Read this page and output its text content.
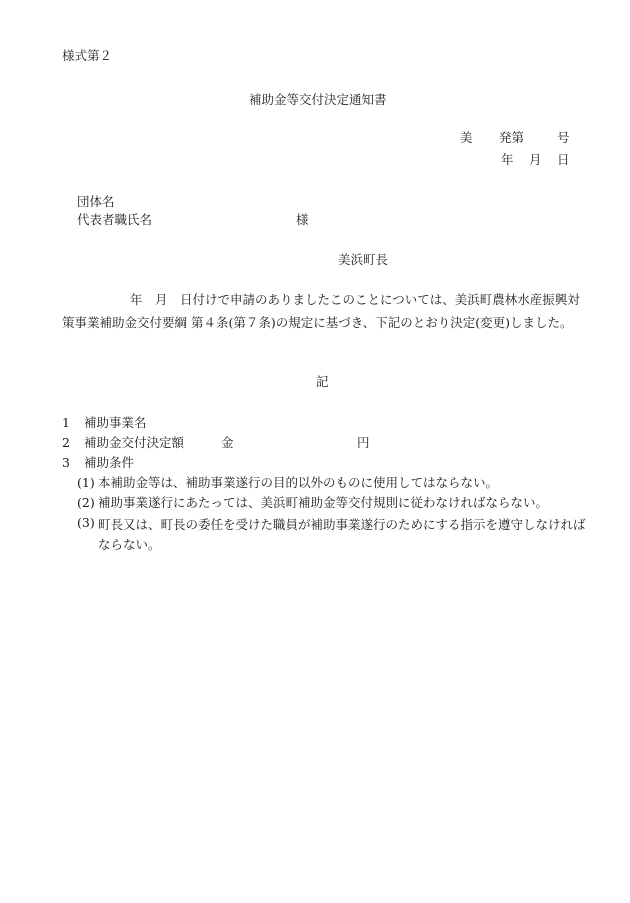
様式第２
補助金等交付決定通知書
美 発第	号
年 月 日
団体名
代表者職氏名	様
美浜町長
年　月　日付けで申請のありましたこのことについては、美浜町農林水産振興対策事業補助金交付要綱 第４条(第７条)の規定に基づき、下記のとおり決定(変更)しました。
記
1 補助事業名
2 補助金交付決定額	金	円
3 補助条件
(1) 本補助金等は、補助事業遂行の目的以外のものに使用してはならない。
(2) 補助事業遂行にあたっては、美浜町補助金等交付規則に従わなければならない。
(3) 町長又は、町長の委任を受けた職員が補助事業遂行のためにする指示を遵守しなければならない。
